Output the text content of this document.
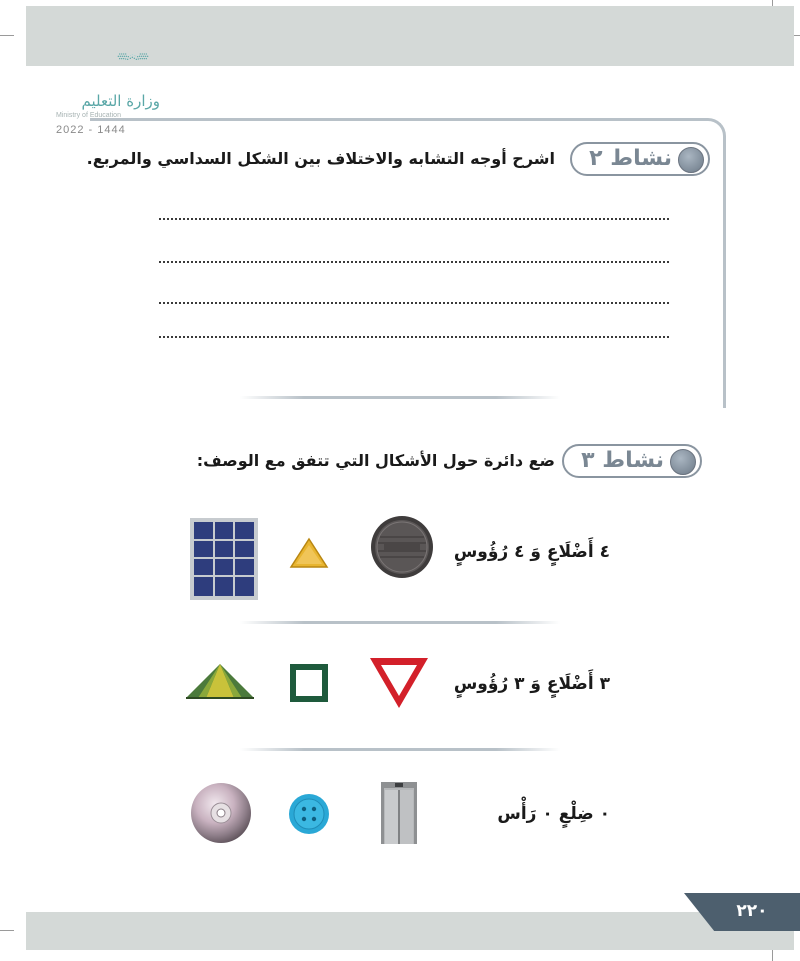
٢٢٠
وزارة التعليم
Ministry of Education
2022 - 1444
نشاط ٢
اشرح أوجه التشابه والاختلاف بين الشكل السداسي والمربع.
نشاط ٣
ضع دائرة حول الأشكال التي تتفق مع الوصف:
٤ أَضْلَاعٍ وَ ٤ رُؤُوسٍ
٣ أَضْلَاعٍ وَ ٣ رُؤُوسٍ
٠ ضِلْعٍ ٠ رَأْس
